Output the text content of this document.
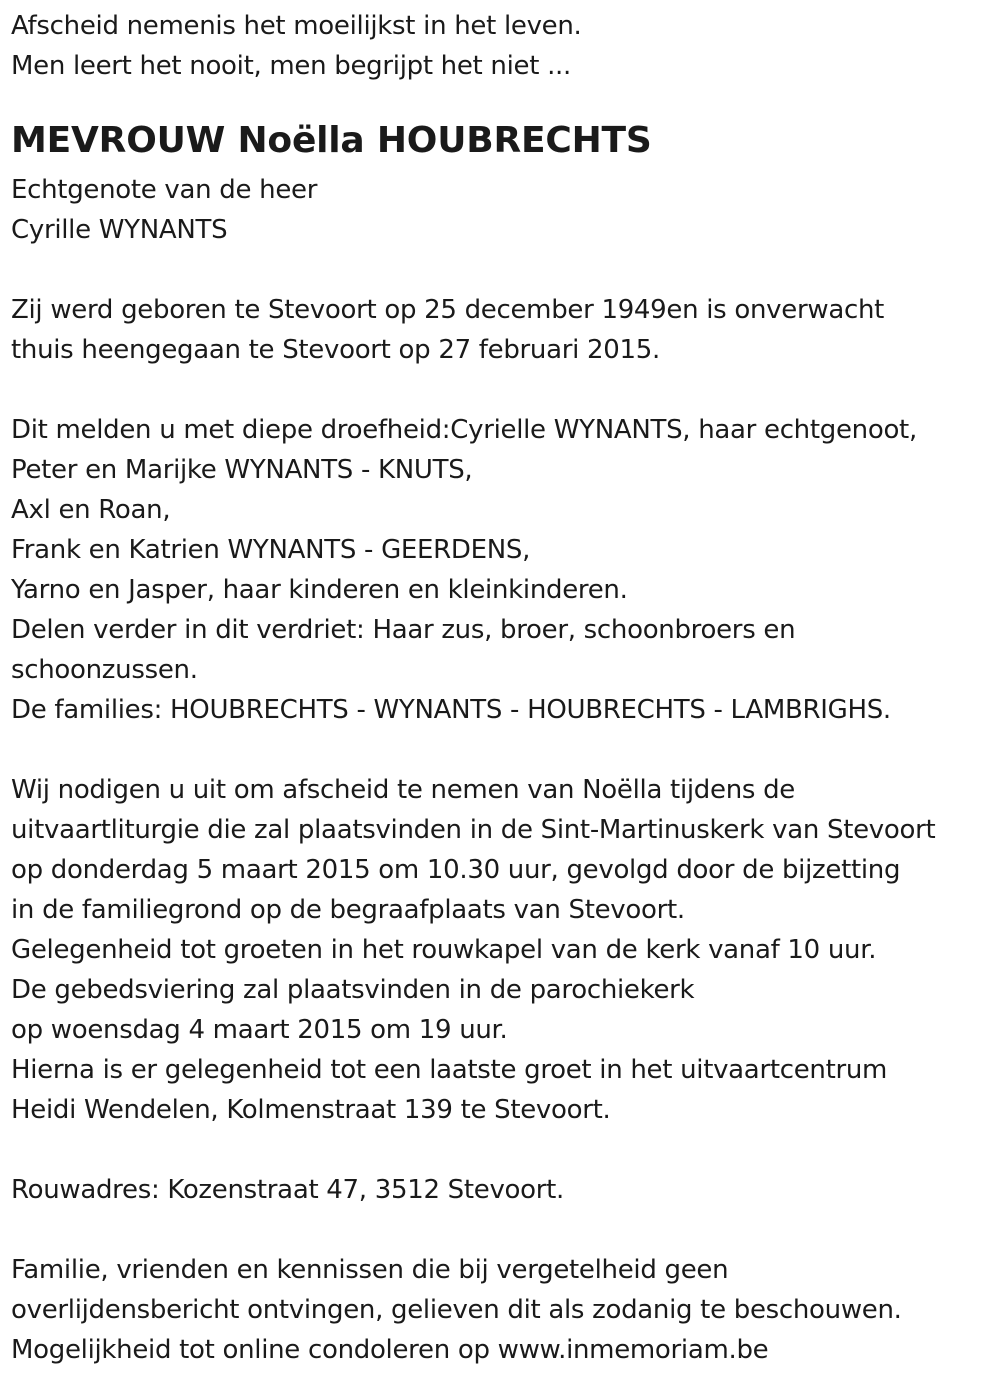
Afscheid nemenis het moeilijkst in het leven.
Men leert het nooit, men begrijpt het niet ...
MEVROUW Noëlla HOUBRECHTS
Echtgenote van de heer
Cyrille WYNANTS
Zij werd geboren te Stevoort op 25 december 1949en is onverwacht
thuis heengegaan te Stevoort op 27 februari 2015.
Dit melden u met diepe droefheid:Cyrielle WYNANTS, haar echtgenoot,
Peter en Marijke WYNANTS - KNUTS,
Axl en Roan,
Frank en Katrien WYNANTS - GEERDENS,
Yarno en Jasper, haar kinderen en kleinkinderen.
Delen verder in dit verdriet: Haar zus, broer, schoonbroers en
schoonzussen.
De families: HOUBRECHTS - WYNANTS - HOUBRECHTS - LAMBRIGHS.
Wij nodigen u uit om afscheid te nemen van Noëlla tijdens de
uitvaartliturgie die zal plaatsvinden in de Sint-Martinuskerk van Stevoort
op donderdag 5 maart 2015 om 10.30 uur, gevolgd door de bijzetting
in de familiegrond op de begraafplaats van Stevoort.
Gelegenheid tot groeten in het rouwkapel van de kerk vanaf 10 uur.
De gebedsviering zal plaatsvinden in de parochiekerk
op woensdag 4 maart 2015 om 19 uur.
Hierna is er gelegenheid tot een laatste groet in het uitvaartcentrum
Heidi Wendelen, Kolmenstraat 139 te Stevoort.
Rouwadres: Kozenstraat 47, 3512 Stevoort.
Familie, vrienden en kennissen die bij vergetelheid geen
overlijdensbericht ontvingen, gelieven dit als zodanig te beschouwen.
Mogelijkheid tot online condoleren op www.inmemoriam.be
